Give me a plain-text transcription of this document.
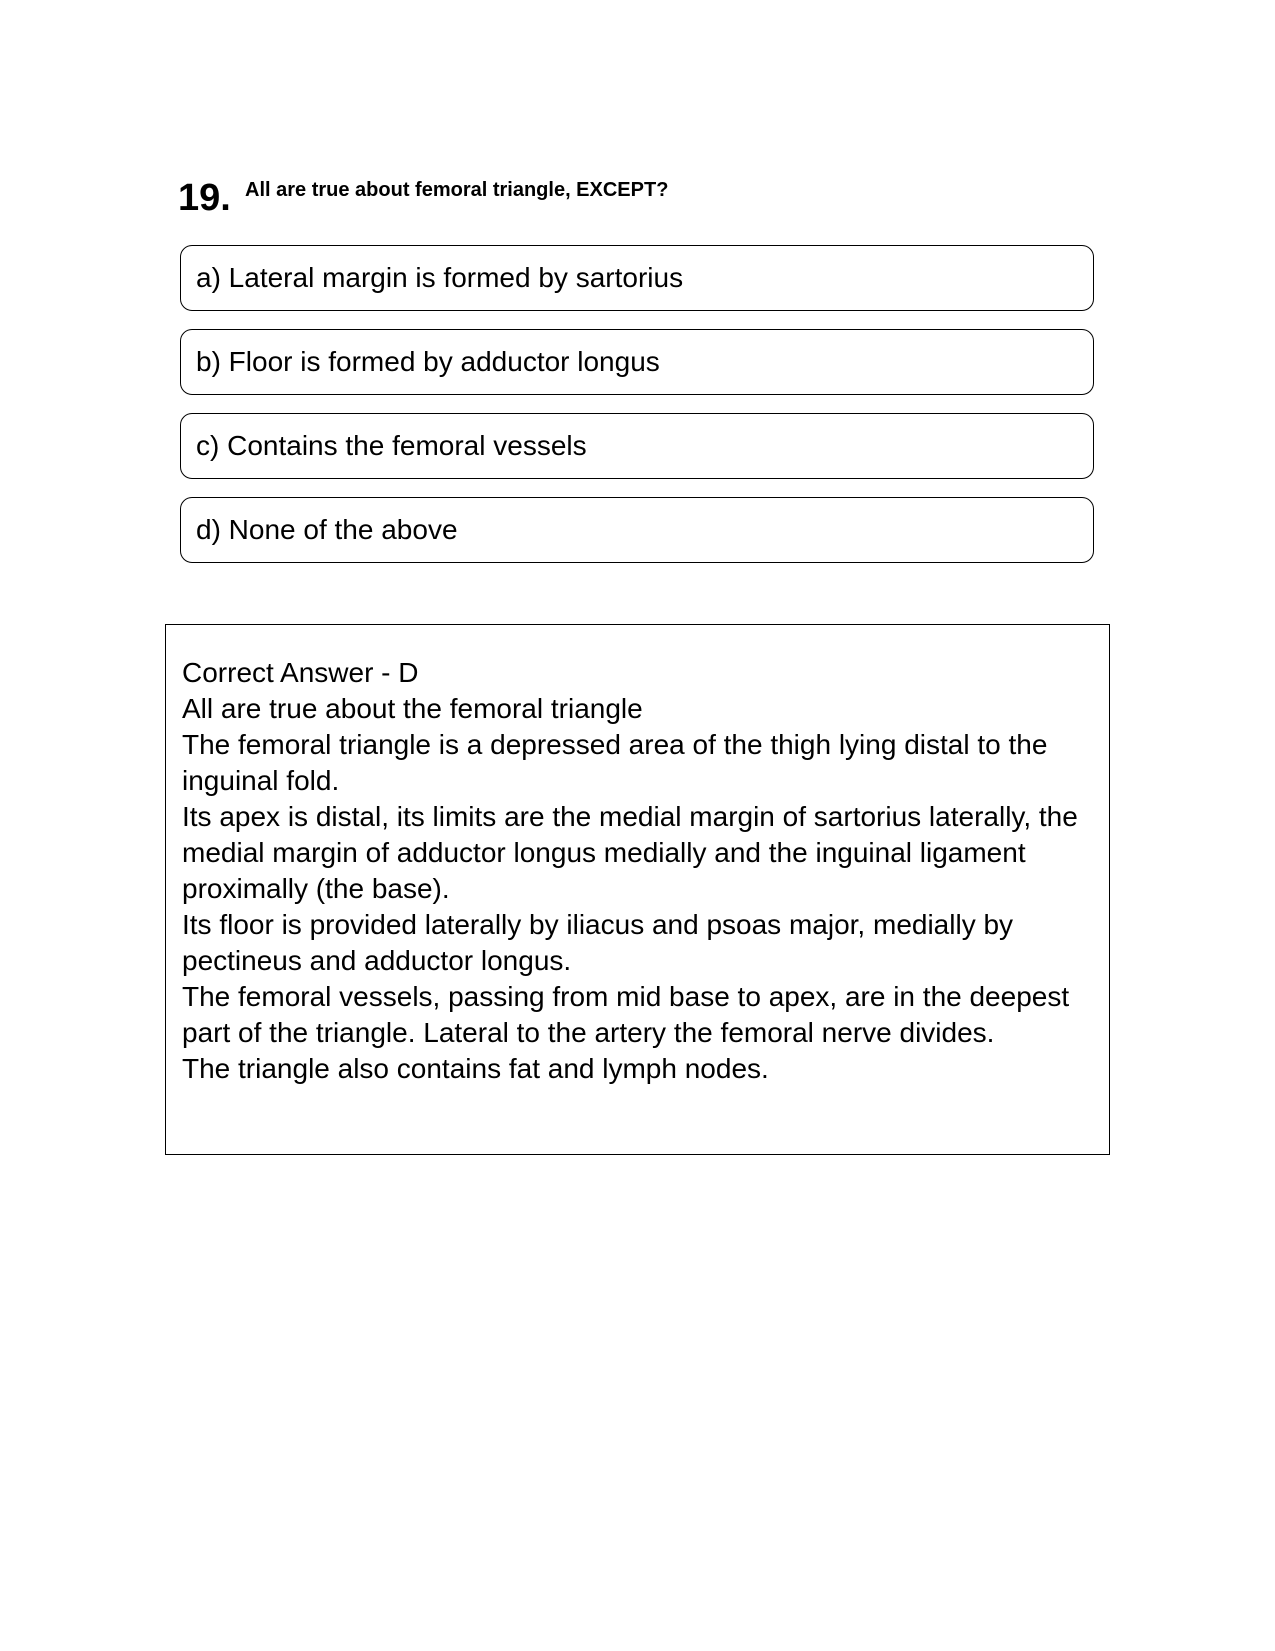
19. All are true about femoral triangle, EXCEPT?
a) Lateral margin is formed by sartorius
b) Floor is formed by adductor longus
c) Contains the femoral vessels
d) None of the above
Correct Answer - D
All are true about the femoral triangle
The femoral triangle is a depressed area of the thigh lying distal to the inguinal fold.
Its apex is distal, its limits are the medial margin of sartorius laterally, the medial margin of adductor longus medially and the inguinal ligament proximally (the base).
Its floor is provided laterally by iliacus and psoas major, medially by pectineus and adductor longus.
The femoral vessels, passing from mid base to apex, are in the deepest part of the triangle. Lateral to the artery the femoral nerve divides.
The triangle also contains fat and lymph nodes.
